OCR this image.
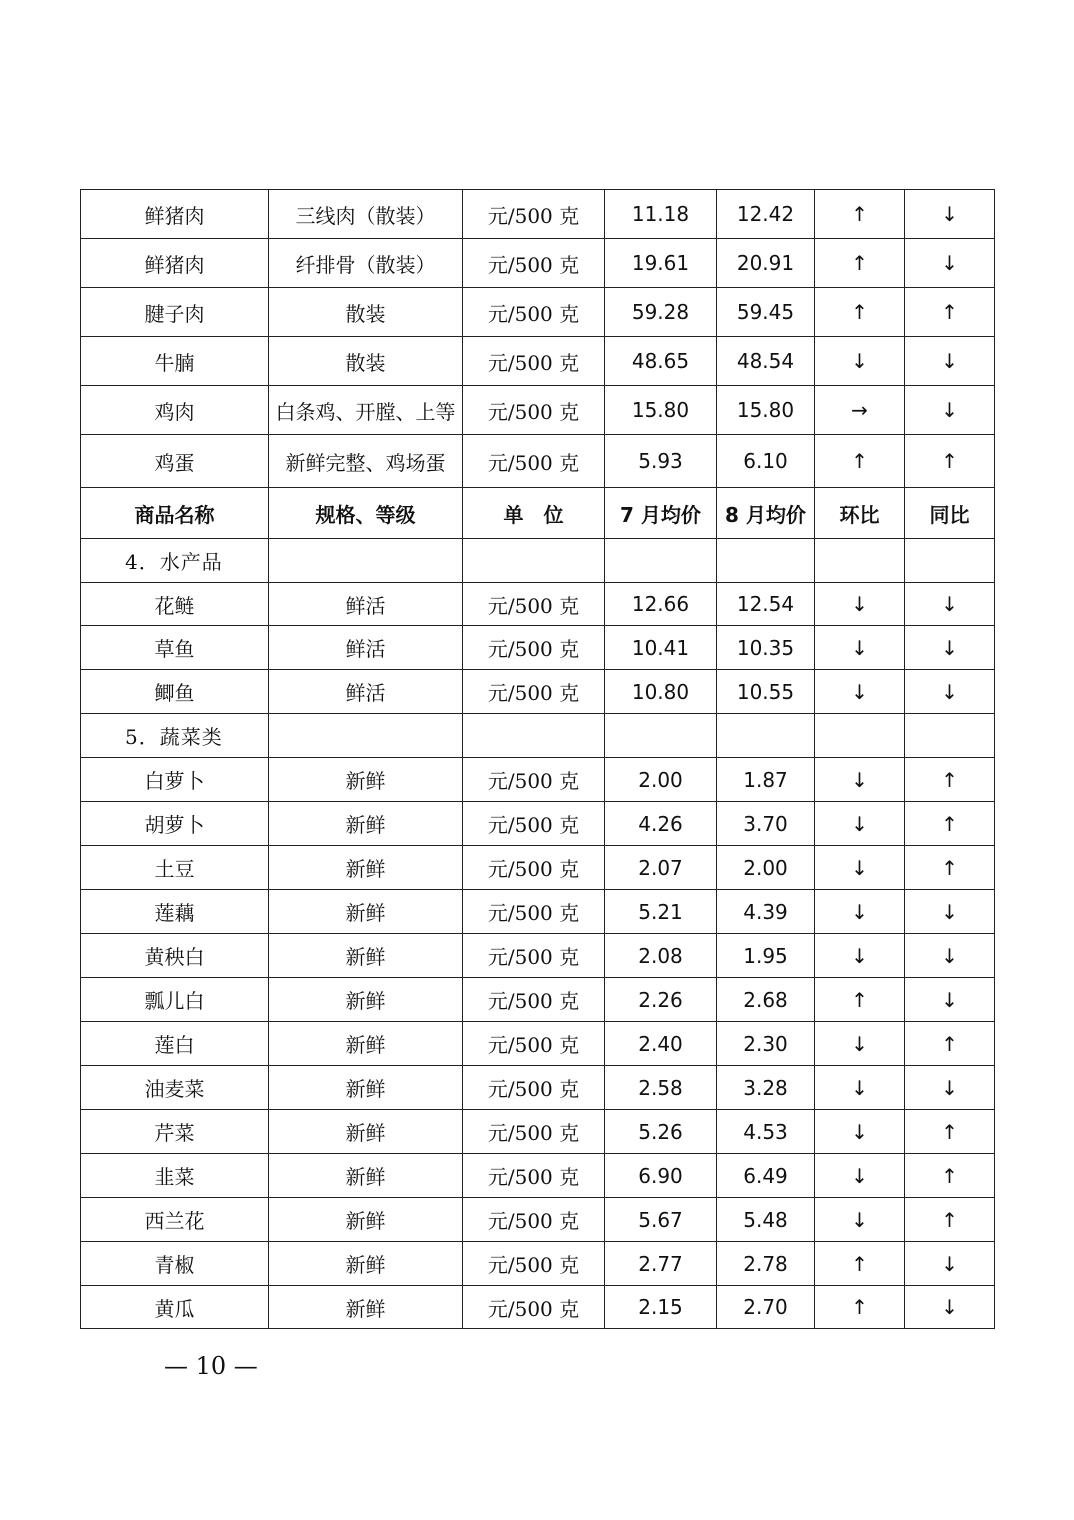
鲜猪肉	三线肉（散装）	元/500 克	11.18	12.42	↑	↓
鲜猪肉	纤排骨（散装）	元/500 克	19.61	20.91	↑	↓
腱子肉	散装	元/500 克	59.28	59.45	↑	↑
牛腩	散装	元/500 克	48.65	48.54	↓	↓
鸡肉	白条鸡、开膛、上等	元/500 克	15.80	15.80	→	↓
鸡蛋	新鲜完整、鸡场蛋	元/500 克	5.93	6.10	↑	↑
商品名称	规格、等级	单　位	7 月均价	8 月均价	环比	同比
4．水产品						
花鲢	鲜活	元/500 克	12.66	12.54	↓	↓
草鱼	鲜活	元/500 克	10.41	10.35	↓	↓
鲫鱼	鲜活	元/500 克	10.80	10.55	↓	↓
5．蔬菜类						
白萝卜	新鲜	元/500 克	2.00	1.87	↓	↑
胡萝卜	新鲜	元/500 克	4.26	3.70	↓	↑
土豆	新鲜	元/500 克	2.07	2.00	↓	↑
莲藕	新鲜	元/500 克	5.21	4.39	↓	↓
黄秧白	新鲜	元/500 克	2.08	1.95	↓	↓
瓢儿白	新鲜	元/500 克	2.26	2.68	↑	↓
莲白	新鲜	元/500 克	2.40	2.30	↓	↑
油麦菜	新鲜	元/500 克	2.58	3.28	↓	↓
芹菜	新鲜	元/500 克	5.26	4.53	↓	↑
韭菜	新鲜	元/500 克	6.90	6.49	↓	↑
西兰花	新鲜	元/500 克	5.67	5.48	↓	↑
青椒	新鲜	元/500 克	2.77	2.78	↑	↓
黄瓜	新鲜	元/500 克	2.15	2.70	↑	↓
— 10 —
